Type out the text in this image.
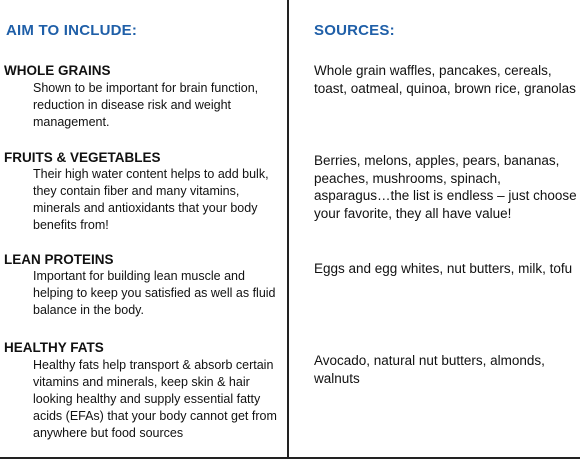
AIM TO INCLUDE:
WHOLE GRAINS
Shown to be important for brain function, reduction in disease risk and weight management.
FRUITS & VEGETABLES
Their high water content helps to add bulk, they contain fiber and many vitamins, minerals and antioxidants that your body benefits from!
LEAN PROTEINS
Important for building lean muscle and helping to keep you satisfied as well as fluid balance in the body.
HEALTHY FATS
Healthy fats help transport & absorb certain vitamins and minerals, keep skin & hair looking healthy and supply essential fatty acids (EFAs) that your body cannot get from anywhere but food sources
SOURCES:
Whole grain waffles, pancakes, cereals, toast, oatmeal, quinoa, brown rice, granolas
Berries, melons, apples, pears, bananas, peaches, mushrooms, spinach, asparagus…the list is endless – just choose your favorite, they all have value!
Eggs and egg whites, nut butters, milk, tofu
Avocado, natural nut butters, almonds, walnuts
